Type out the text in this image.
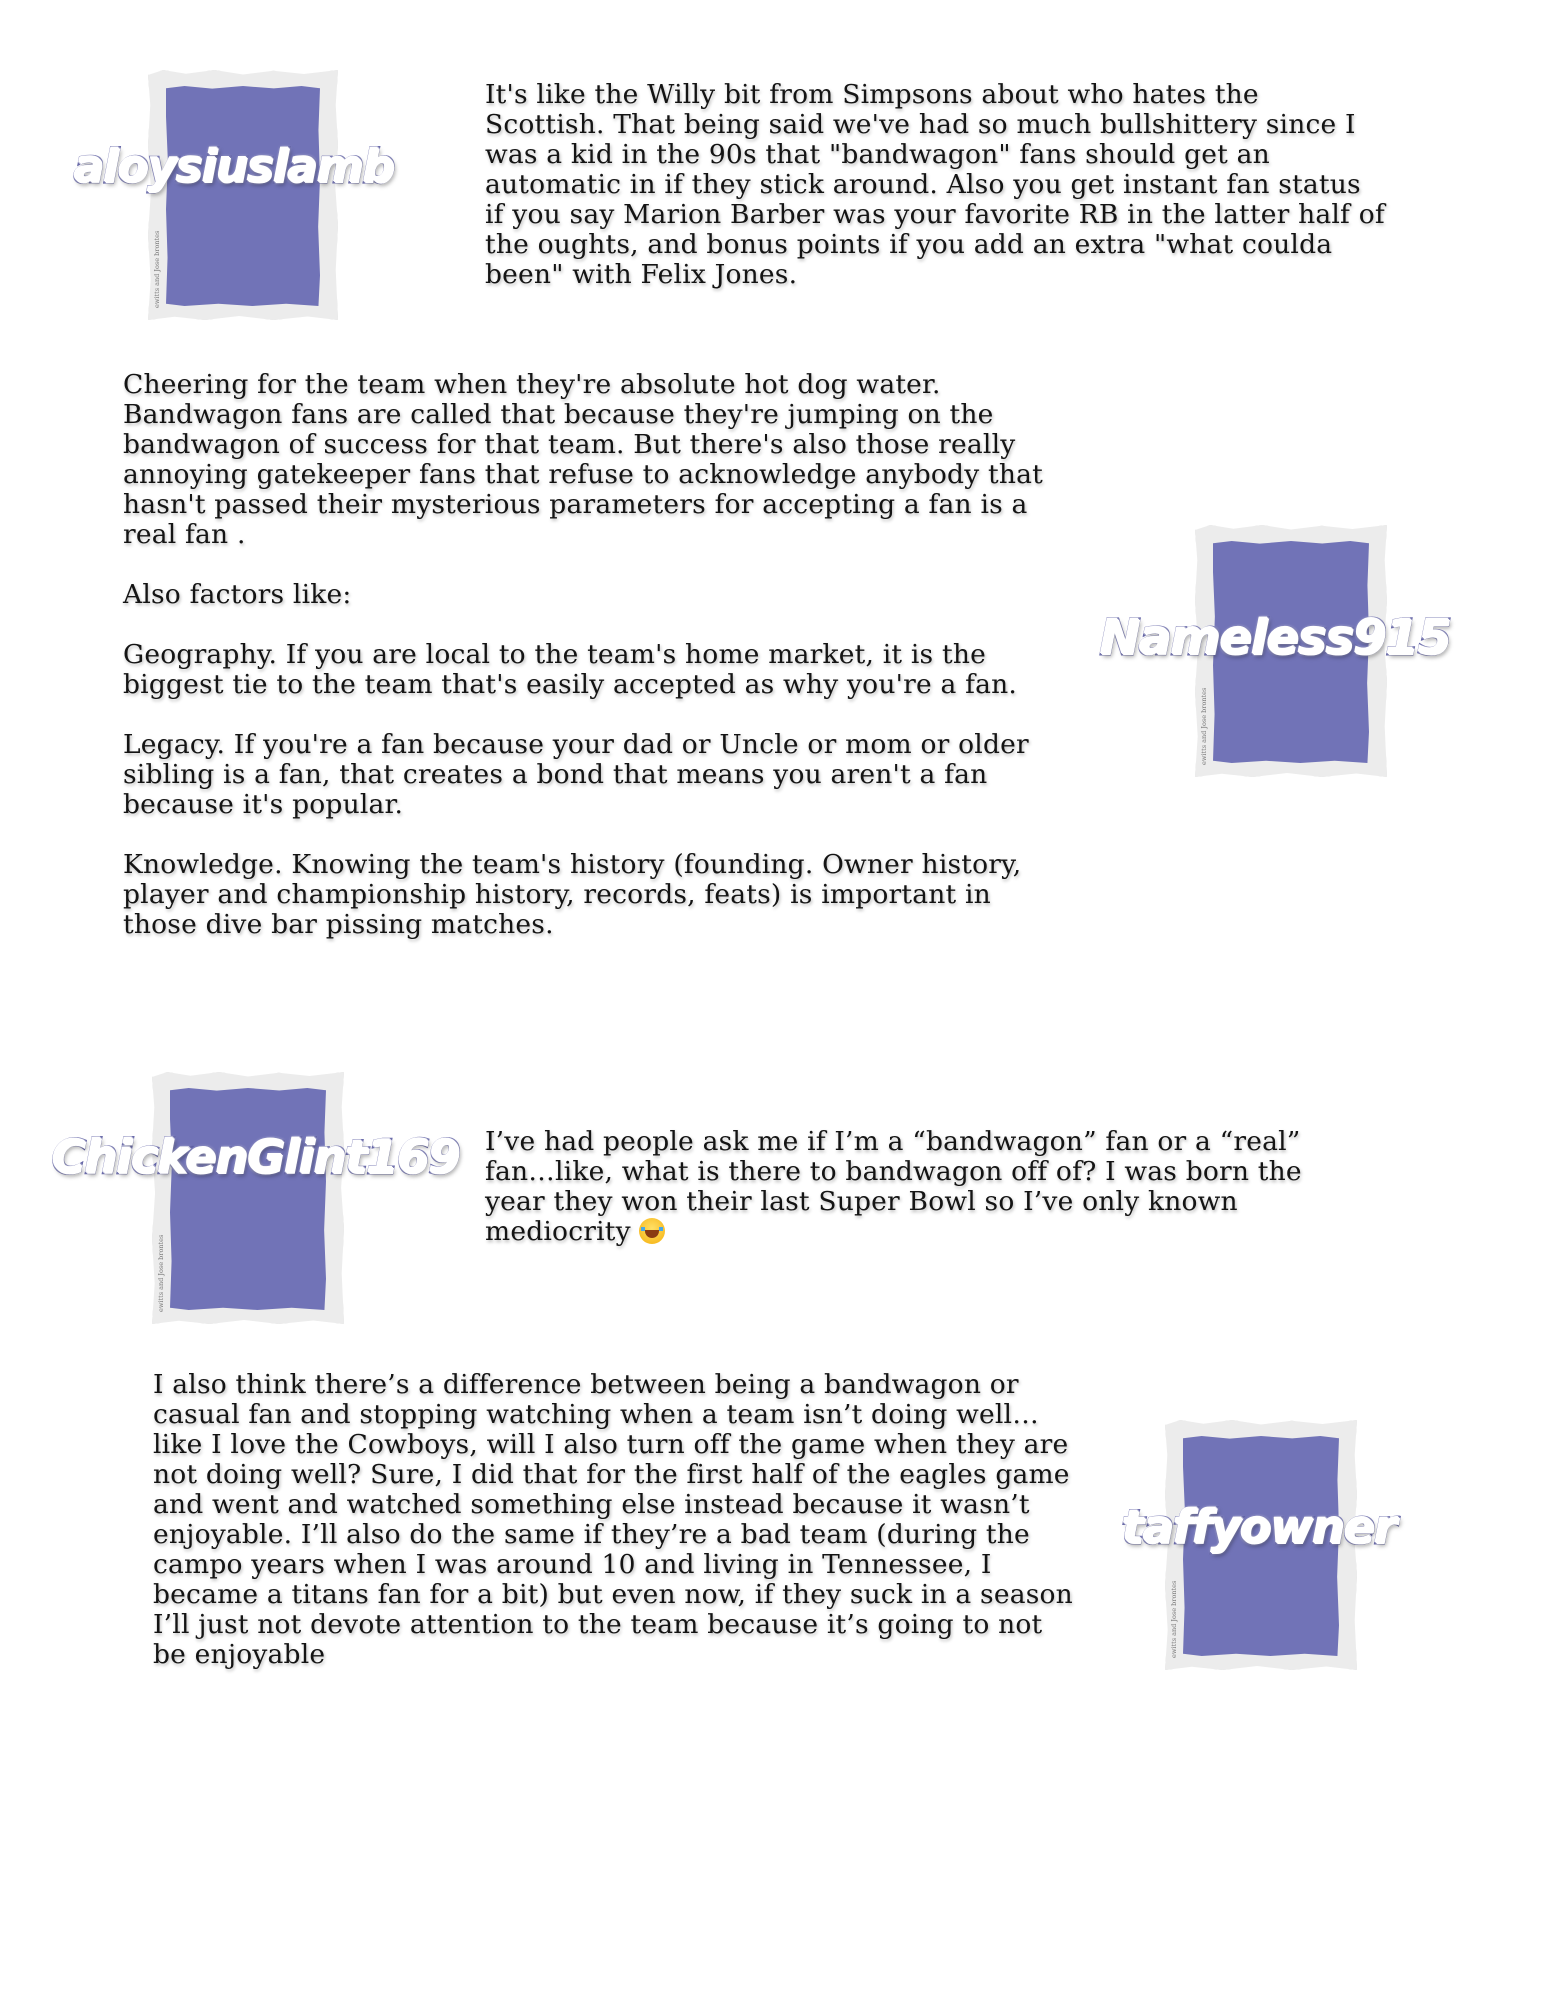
ewitts and Jose brontes
aloysiuslamb

It's like the Willy bit from Simpsons about who hates the Scottish. That being said we've had so much bullshittery since I was a kid in the 90s that "bandwagon" fans should get an automatic in if they stick around. Also you get instant fan status if you say Marion Barber was your favorite RB in the latter half of the oughts, and bonus points if you add an extra "what coulda been" with Felix Jones.

Cheering for the team when they're absolute hot dog water. Bandwagon fans are called that because they're jumping on the bandwagon of success for that team. But there's also those really annoying gatekeeper fans that refuse to acknowledge anybody that hasn't passed their mysterious parameters for accepting a fan is a real fan .

Also factors like:

Geography. If you are local to the team's home market, it is the biggest tie to the team that's easily accepted as why you're a fan.

Legacy. If you're a fan because your dad or Uncle or mom or older sibling is a fan, that creates a bond that means you aren't a fan because it's popular.

Knowledge. Knowing the team's history (founding. Owner history, player and championship history, records, feats) is important in those dive bar pissing matches.

ewitts and Jose brontes
Nameless915
ewitts and Jose brontes
ChickenGlint169 I’ve had people ask me if I’m a “bandwagon” fan or a “real” fan…like, what is there to bandwagon off of? I was born the year they won their last Super Bowl so I’ve only known mediocrity

I also think there’s a difference between being a bandwagon or casual fan and stopping watching when a team isn’t doing well… like I love the Cowboys, will I also turn off the game when they are not doing well? Sure, I did that for the first half of the eagles game and went and watched something else instead because it wasn’t enjoyable. I’ll also do the same if they’re a bad team (during the campo years when I was around 10 and living in Tennessee, I became a titans fan for a bit) but even now, if they suck in a season I’ll just not devote attention to the team because it’s going to not be enjoyable	ewitts and Jose brontes
taffyowner
